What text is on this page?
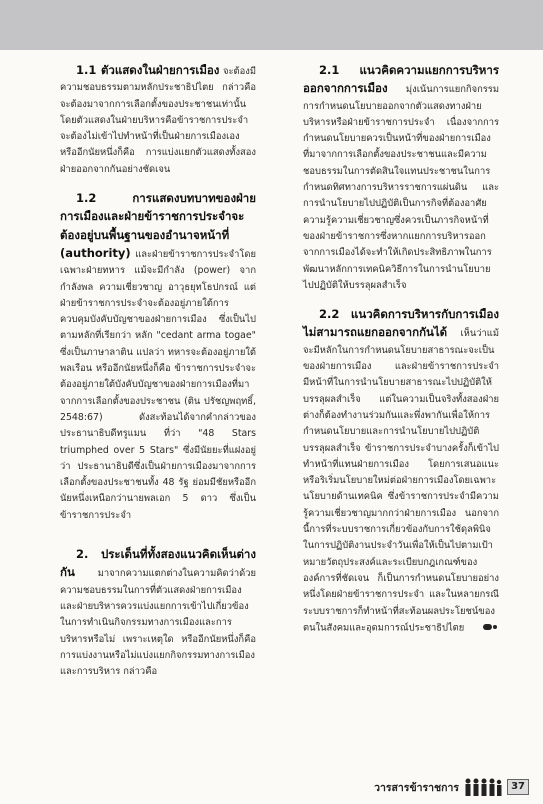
1.1 ตัวแสดงในฝ่ายการเมือง จะต้องมีความชอบธรรมตามหลักประชาธิปไตย กล่าวคือ จะต้องมาจากการเลือกตั้งของประชาชนเท่านั้น โดยตัวแสดงในฝ่ายบริหารคือข้าราชการประจำจะต้องไม่เข้าไปทำหน้าที่เป็นฝ่ายการเมืองเอง หรืออีกนัยหนึ่งก็คือ การแบ่งแยกตัวแสดงทั้งสองฝ่ายออกจากกันอย่างชัดเจน

1.2 การแสดงบทบาทของฝ่ายการเมืองและฝ่ายข้าราชการประจำจะต้องอยู่บนพื้นฐานของอำนาจหน้าที่ (authority) และฝ่ายข้าราชการประจำโดยเฉพาะฝ่ายทหาร แม้จะมีกำลัง (power) จากกำลังพล ความเชี่ยวชาญ อาวุธยุทโธปกรณ์ แต่ฝ่ายข้าราชการประจำจะต้องอยู่ภายใต้การควบคุมบังคับบัญชาของฝ่ายการเมือง ซึ่งเป็นไปตามหลักที่เรียกว่า หลัก "cedant arma togae" ซึ่งเป็นภาษาลาติน แปลว่า ทหารจะต้องอยู่ภายใต้พลเรือน หรืออีกนัยหนึ่งก็คือ ข้าราชการประจำจะต้องอยู่ภายใต้บังคับบัญชาของฝ่ายการเมืองที่มาจากการเลือกตั้งของประชาชน (ติน ปรัชญพฤทธิ์, 2548:67) ดังสะท้อนได้จากคำกล่าวของประธานาธิบดีทรูแมน ที่ว่า "48 Stars triumphed over 5 Stars" ซึ่งมีนัยยะที่แฝงอยู่ว่า ประธานาธิบดีซึ่งเป็นฝ่ายการเมืองมาจากการเลือกตั้งของประชาชนทั้ง 48 รัฐ ย่อมมีชัยหรืออีกนัยหนึ่งเหนือกว่านายพลเอก 5 ดาว ซึ่งเป็นข้าราชการประจำ

2. ประเด็นที่ทั้งสองแนวคิดเห็นต่างกัน มาจากความแตกต่างในความคิดว่าด้วยความชอบธรรมในการที่ตัวแสดงฝ่ายการเมืองและฝ่ายบริหารควรแบ่งแยกการเข้าไปเกี่ยวข้องในการทำเนินกิจกรรมทางการเมืองและการบริหารหรือไม่ เพราะเหตุใด หรืออีกนัยหนึ่งก็คือ การแบ่งงานหรือไม่แบ่งแยกกิจกรรมทางการเมืองและการบริหาร กล่าวคือ

2.1 แนวคิดความแยกการบริหารออกจากการเมือง มุ่งเน้นการแยกกิจกรรมการกำหนดนโยบายออกจากตัวแสดงทางฝ่ายบริหารหรือฝ่ายข้าราชการประจำ เนื่องจากการกำหนดนโยบายควรเป็นหน้าที่ของฝ่ายการเมืองที่มาจากการเลือกตั้งของประชาชนและมีความชอบธรรมในการตัดสินใจแทนประชาชนในการกำหนดทิศทางการบริหารราชการแผ่นดิน และการนำนโยบายไปปฏิบัติเป็นการกิจที่ต้องอาศัยความรู้ความเชี่ยวชาญซึ่งควรเป็นภารกิจหน้าที่ของฝ่ายข้าราชการซึ่งหากแยกการบริหารออกจากการเมืองได้จะทำให้เกิดประสิทธิภาพในการพัฒนาหลักการเทคนิควิธีการในการนำนโยบายไปปฏิบัติให้บรรลุผลสำเร็จ

2.2 แนวคิดการบริหารกับการเมืองไม่สามารถแยกออกจากกันได้ เห็นว่าแม้จะมีหลักในการกำหนดนโยบายสาธารณะจะเป็นของฝ่ายการเมือง และฝ่ายข้าราชการประจำมีหน้าที่ในการนำนโยบายสาธารณะไปปฏิบัติให้บรรลุผลสำเร็จ แต่ในความเป็นจริงทั้งสองฝ่ายต่างก็ต้องทำงานร่วมกันและพึ่งพากันเพื่อให้การกำหนดนโยบายและการนำนโยบายไปปฏิบัติบรรลุผลสำเร็จ ข้าราชการประจำบางครั้งก็เข้าไปทำหน้าที่แทนฝ่ายการเมือง โดยการเสนอแนะหรือริเริ่มนโยบายใหม่ต่อฝ่ายการเมืองโดยเฉพาะนโยบายด้านเทคนิค ซึ่งข้าราชการประจำมีความรู้ความเชี่ยวชาญมากกว่าฝ่ายการเมือง นอกจากนี้การที่ระบบราชการเกี่ยวข้องกับการใช้ดุลพินิจในการปฏิบัติงานประจำวันเพื่อให้เป็นไปตามเป้าหมายวัตถุประสงค์และระเบียบกฎเกณฑ์ขององค์การที่ชัดเจน ก็เป็นการกำหนดนโยบายอย่างหนึ่งโดยฝ่ายข้าราชการประจำ และในหลายกรณีระบบราชการก็ทำหน้าที่สะท้อนผลประโยชน์ของตนในสังคมและอุดมการณ์ประชาธิปไตย

วารสารข้าราชการ	37
